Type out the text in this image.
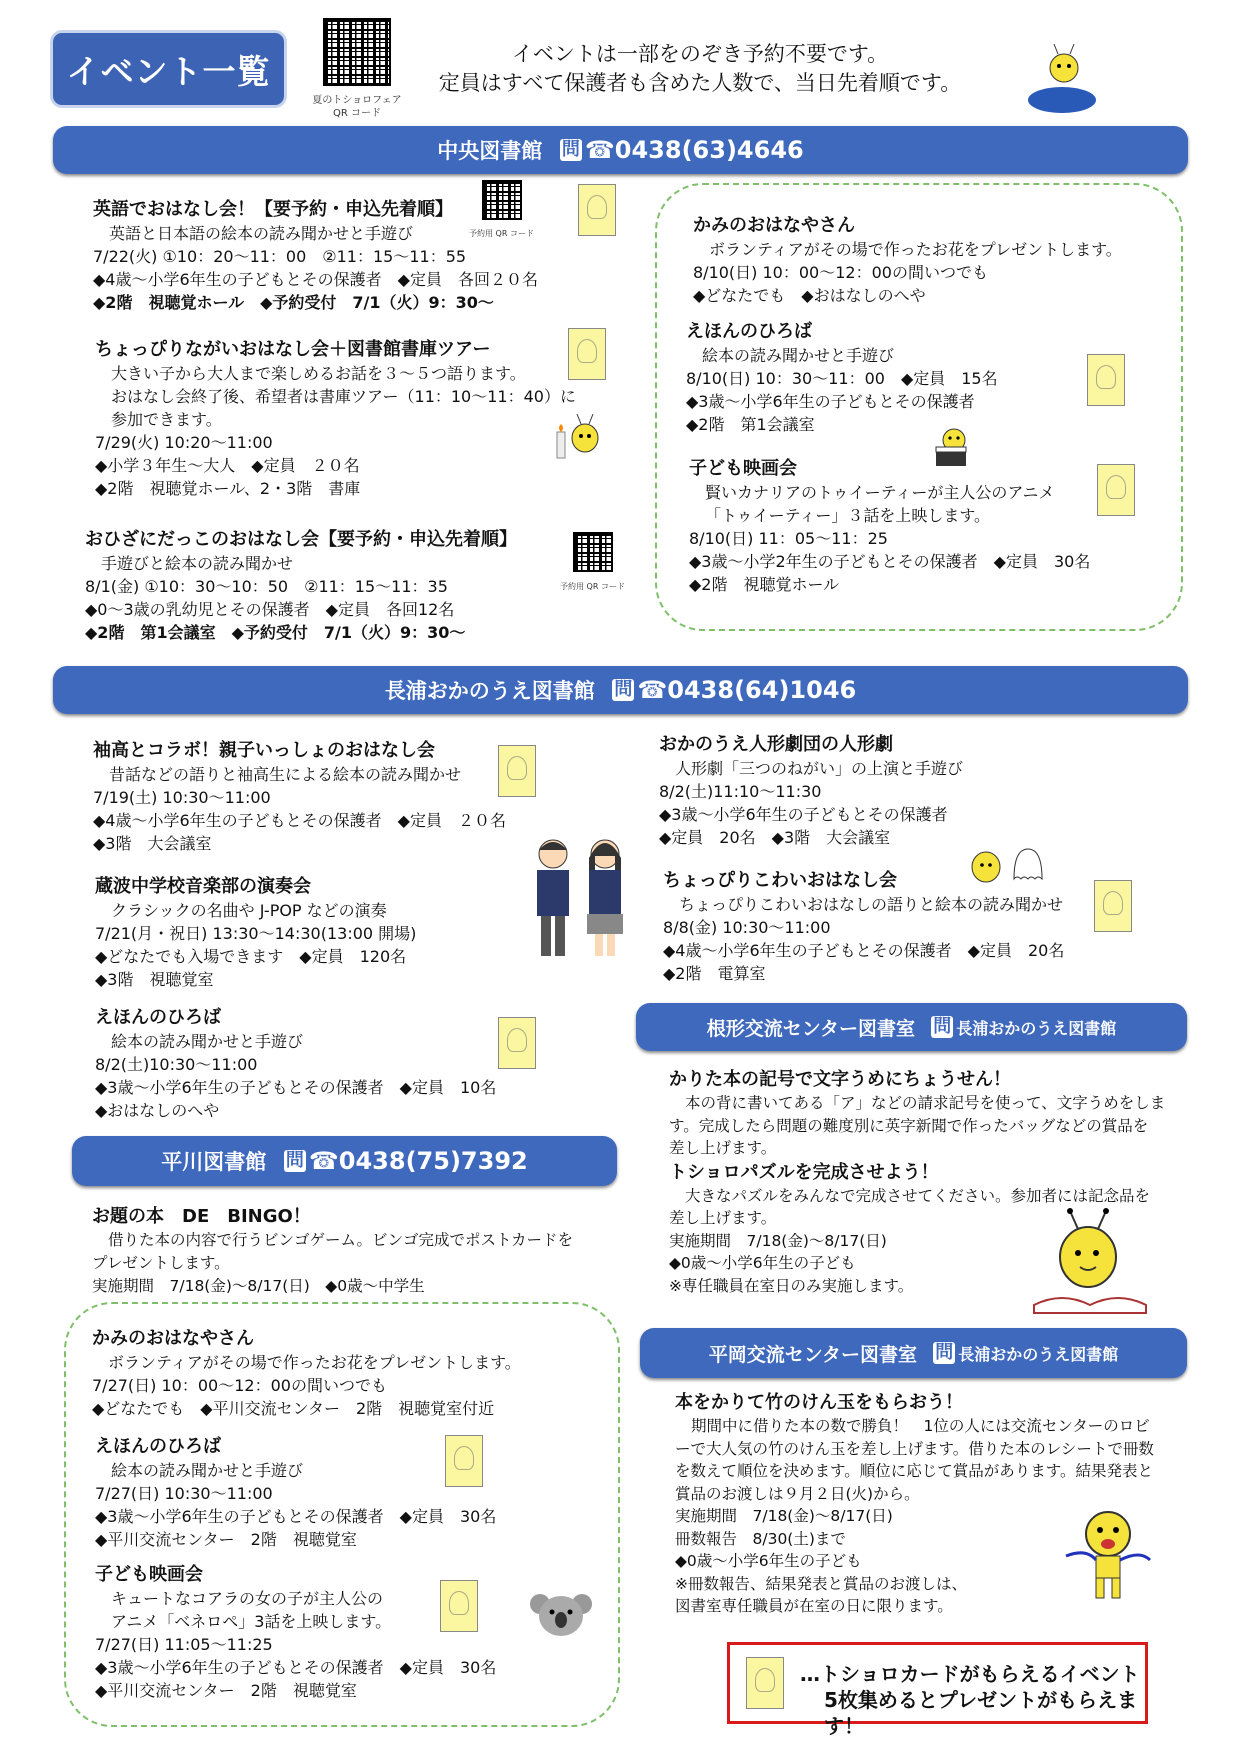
イベント一覧
夏のトショロフェア
QR コード
イベントは一部をのぞき予約不要です。
定員はすべて保護者も含めた人数で、当日先着順です。
中央図書館
問 ☎0438(63)4646
英語でおはなし会！【要予約・申込先着順】
英語と日本語の絵本の読み聞かせと手遊び
7/22(火) ①10：20～11：00　②11：15～11：55
◆4歳～小学6年生の子どもとその保護者　◆定員　各回２０名
◆2階　視聴覚ホール　◆予約受付　7/1（火）9：30～
予約用 QR コード
ちょっぴりながいおはなし会＋図書館書庫ツアー
大きい子から大人まで楽しめるお話を３～５つ語ります。
おはなし会終了後、希望者は書庫ツアー（11：10～11：40）に
参加できます。
7/29(火) 10:20～11:00
◆小学３年生～大人　◆定員　２０名
◆2階　視聴覚ホール、2・3階　書庫
おひざにだっこのおはなし会【要予約・申込先着順】
手遊びと絵本の読み聞かせ
8/1(金) ①10：30～10：50　②11：15～11：35
◆0～3歳の乳幼児とその保護者　◆定員　各回12名
◆2階　第1会議室　◆予約受付　7/1（火）9：30～
予約用 QR コード
かみのおはなやさん
ボランティアがその場で作ったお花をプレゼントします。
8/10(日) 10：00～12：00の間いつでも
◆どなたでも　◆おはなしのへや
えほんのひろば
絵本の読み聞かせと手遊び
8/10(日) 10：30～11：00　◆定員　15名
◆3歳～小学6年生の子どもとその保護者
◆2階　第1会議室
子ども映画会
賢いカナリアのトゥイーティーが主人公のアニメ
「トゥイーティー」３話を上映します。
8/10(日) 11：05～11：25
◆3歳～小学2年生の子どもとその保護者　◆定員　30名
◆2階　視聴覚ホール
長浦おかのうえ図書館
問 ☎0438(64)1046
袖高とコラボ！親子いっしょのおはなし会
昔話などの語りと袖高生による絵本の読み聞かせ
7/19(土) 10:30～11:00
◆4歳～小学6年生の子どもとその保護者　◆定員　２０名
◆3階　大会議室
蔵波中学校音楽部の演奏会
クラシックの名曲や J-POP などの演奏
7/21(月・祝日) 13:30～14:30(13:00 開場)
◆どなたでも入場できます　◆定員　120名
◆3階　視聴覚室
えほんのひろば
絵本の読み聞かせと手遊び
8/2(土)10:30～11:00
◆3歳～小学6年生の子どもとその保護者　◆定員　10名
◆おはなしのへや
おかのうえ人形劇団の人形劇
人形劇「三つのねがい」の上演と手遊び
8/2(土)11:10～11:30
◆3歳～小学6年生の子どもとその保護者
◆定員　20名　◆3階　大会議室
ちょっぴりこわいおはなし会
ちょっぴりこわいおはなしの語りと絵本の読み聞かせ
8/8(金) 10:30～11:00
◆4歳～小学6年生の子どもとその保護者　◆定員　20名
◆2階　電算室
根形交流センター図書室
問 長浦おかのうえ図書館
かりた本の記号で文字うめにちょうせん！
本の背に書いてある「ア」などの請求記号を使って、文字うめをしま
す。完成したら問題の難度別に英字新聞で作ったバッグなどの賞品を
差し上げます。
トショロパズルを完成させよう！
大きなパズルをみんなで完成させてください。参加者には記念品を
差し上げます。
実施期間　7/18(金)～8/17(日)
◆0歳～小学6年生の子ども
※専任職員在室日のみ実施します。
平川図書館
問 ☎0438(75)7392
お題の本　DE　BINGO！
借りた本の内容で行うビンゴゲーム。ビンゴ完成でポストカードを
プレゼントします。
実施期間　7/18(金)～8/17(日)　◆0歳～中学生
かみのおはなやさん
ボランティアがその場で作ったお花をプレゼントします。
7/27(日) 10：00～12：00の間いつでも
◆どなたでも　◆平川交流センター　2階　視聴覚室付近
えほんのひろば
絵本の読み聞かせと手遊び
7/27(日) 10:30～11:00
◆3歳～小学6年生の子どもとその保護者　◆定員　30名
◆平川交流センター　2階　視聴覚室
子ども映画会
キュートなコアラの女の子が主人公の
アニメ「ベネロペ」3話を上映します。
7/27(日) 11:05～11:25
◆3歳～小学6年生の子どもとその保護者　◆定員　30名
◆平川交流センター　2階　視聴覚室
平岡交流センター図書室
問 長浦おかのうえ図書館
本をかりて竹のけん玉をもらおう！
期間中に借りた本の数で勝負！　1位の人には交流センターのロビ
ーで大人気の竹のけん玉を差し上げます。借りた本のレシートで冊数
を数えて順位を決めます。順位に応じて賞品があります。結果発表と
賞品のお渡しは９月２日(火)から。
実施期間　7/18(金)～8/17(日)
冊数報告　8/30(土)まで
◆0歳～小学6年生の子ども
※冊数報告、結果発表と賞品のお渡しは、
図書室専任職員が在室の日に限ります。
…トショロカードがもらえるイベント
5枚集めるとプレゼントがもらえます！
